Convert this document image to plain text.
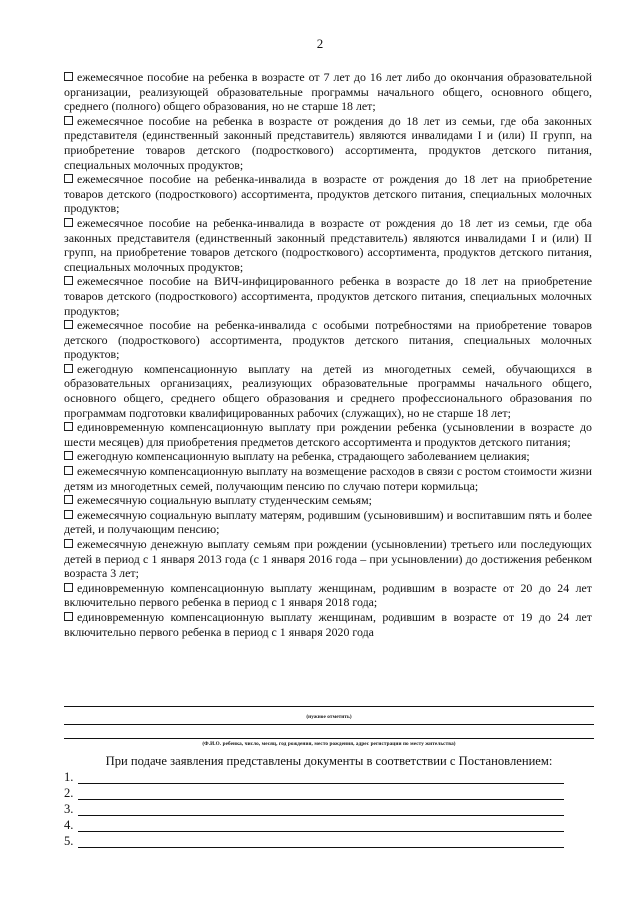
2

ежемесячное пособие на ребенка в возрасте от 7 лет до 16 лет либо до окончания образовательной организации, реализующей образовательные программы начального общего, основного общего, среднего (полного) общего образования, но не старше 18 лет;

ежемесячное пособие на ребенка в возрасте от рождения до 18 лет из семьи, где оба законных представителя (единственный законный представитель) являются инвалидами I и (или) II групп, на приобретение товаров детского (подросткового) ассортимента, продуктов детского питания, специальных молочных продуктов;

ежемесячное пособие на ребенка-инвалида в возрасте от рождения до 18 лет на приобретение товаров детского (подросткового) ассортимента, продуктов детского питания, специальных молочных продуктов;

ежемесячное пособие на ребенка-инвалида в возрасте от рождения до 18 лет из семьи, где оба законных представителя (единственный законный представитель) являются инвалидами I и (или) II групп, на приобретение товаров детского (подросткового) ассортимента, продуктов детского питания, специальных молочных продуктов;

ежемесячное пособие на ВИЧ-инфицированного ребенка в возрасте до 18 лет на приобретение товаров детского (подросткового) ассортимента, продуктов детского питания, специальных молочных продуктов;

ежемесячное пособие на ребенка-инвалида с особыми потребностями на приобретение товаров детского (подросткового) ассортимента, продуктов детского питания, специальных молочных продуктов;

ежегодную компенсационную выплату на детей из многодетных семей, обучающихся в образовательных организациях, реализующих образовательные программы начального общего, основного общего, среднего общего образования и среднего профессионального образования по программам подготовки квалифицированных рабочих (служащих), но не старше 18 лет;

единовременную компенсационную выплату при рождении ребенка (усыновлении в возрасте до шести месяцев) для приобретения предметов детского ассортимента и продуктов детского питания;

ежегодную компенсационную выплату на ребенка, страдающего заболеванием целиакия;

ежемесячную компенсационную выплату на возмещение расходов в связи с ростом стоимости жизни детям из многодетных семей, получающим пенсию по случаю потери кормильца;

ежемесячную социальную выплату студенческим семьям;

ежемесячную социальную выплату матерям, родившим (усыновившим) и воспитавшим пять и более детей, и получающим пенсию;

ежемесячную денежную выплату семьям при рождении (усыновлении) третьего или последующих детей в период с 1 января 2013 года (с 1 января 2016 года – при усыновлении) до достижения ребенком возраста 3 лет;

единовременную компенсационную выплату женщинам, родившим в возрасте от 20 до 24 лет включительно первого ребенка в период с 1 января 2018 года;

единовременную компенсационную выплату женщинам, родившим в возрасте от 19 до 24 лет включительно первого ребенка в период с 1 января 2020 года

(нужное отметить)
(Ф.И.О. ребенка, число, месяц, год рождения, место рождения, адрес регистрации по месту жительства)
При подаче заявления представлены документы в соответствии с Постановлением:
1.
2.
3.
4.
5.
